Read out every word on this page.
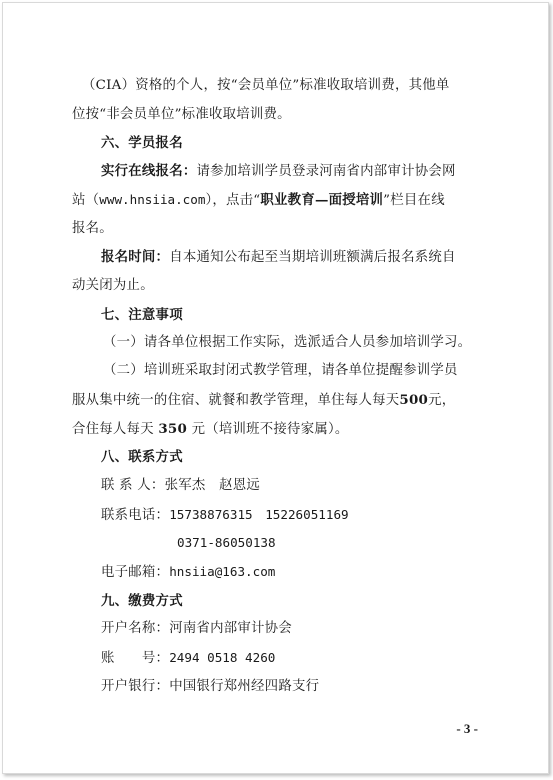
（CIA）资格的个人，按“会员单位”标准收取培训费，其他单
位按“非会员单位”标准收取培训费。
六、学员报名
实行在线报名：请参加培训学员登录河南省内部审计协会网
站（www.hnsiia.com），点击“职业教育—面授培训”栏目在线
报名。
报名时间：自本通知公布起至当期培训班额满后报名系统自
动关闭为止。
七、注意事项
（一）请各单位根据工作实际，选派适合人员参加培训学习。
（二）培训班采取封闭式教学管理，请各单位提醒参训学员
服从集中统一的住宿、就餐和教学管理，单住每人每天500元，
合住每人每天 350 元（培训班不接待家属）。
八、联系方式
联 系 人：张军杰　赵恩远
联系电话：15738876315　15226051169
0371-86050138
电子邮箱：hnsiia@163.com
九、缴费方式
开户名称：河南省内部审计协会
账　　号：2494 0518 4260
开户银行：中国银行郑州经四路支行
- 3 -
